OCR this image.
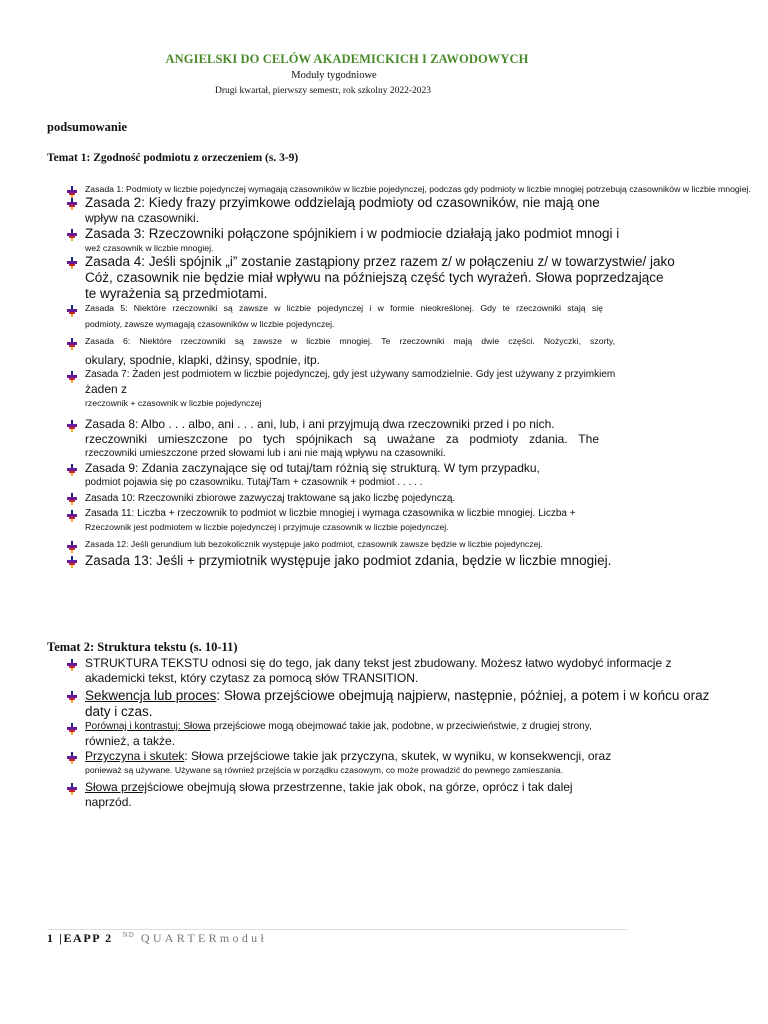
ANGIELSKI DO CELÓW AKADEMICKICH I ZAWODOWYCH
Moduły tygodniowe
Drugi kwartał, pierwszy semestr, rok szkolny 2022-2023
podsumowanie
Temat 1: Zgodność podmiotu z orzeczeniem (s. 3-9)
Zasada 1: Podmioty w liczbie pojedynczej wymagają czasowników w liczbie pojedynczej, podczas gdy podmioty w liczbie mnogiej potrzebują czasowników w liczbie mnogiej.
Zasada 2: Kiedy frazy przyimkowe oddzielają podmioty od czasowników, nie mają one
wpływ na czasowniki.
Zasada 3: Rzeczowniki połączone spójnikiem i w podmiocie działają jako podmiot mnogi i
weź czasownik w liczbie mnogiej.
Zasada 4: Jeśli spójnik „i” zostanie zastąpiony przez razem z/ w połączeniu z/ w towarzystwie/ jako
Cóż, czasownik nie będzie miał wpływu na późniejszą część tych wyrażeń. Słowa poprzedzające
te wyrażenia są przedmiotami.
Zasada 5: Niektóre rzeczowniki są zawsze w liczbie pojedynczej i w formie nieokreślonej. Gdy te rzeczowniki stają się
podmioty, zawsze wymagają czasowników w liczbie pojedynczej.
Zasada 6: Niektóre rzeczowniki są zawsze w liczbie mnogiej. Te rzeczowniki mają dwie części. Nożyczki, szorty,
okulary, spodnie, klapki, dżinsy, spodnie, itp.
Zasada 7: Żaden jest podmiotem w liczbie pojedynczej, gdy jest używany samodzielnie. Gdy jest używany z przyimkiem
żaden z
rzeczownik + czasownik w liczbie pojedynczej
Zasada 8: Albo . . . albo, ani . . . ani, lub, i ani przyjmują dwa rzeczowniki przed i po nich.
rzeczowniki umieszczone po tych spójnikach są uważane za podmioty zdania. The
rzeczowniki umieszczone przed słowami lub i ani nie mają wpływu na czasowniki.
Zasada 9: Zdania zaczynające się od tutaj/tam różnią się strukturą. W tym przypadku,
podmiot pojawia się po czasowniku. Tutaj/Tam + czasownik + podmiot . . . . .
Zasada 10: Rzeczowniki zbiorowe zazwyczaj traktowane są jako liczbę pojedynczą.
Zasada 11: Liczba + rzeczownik to podmiot w liczbie mnogiej i wymaga czasownika w liczbie mnogiej. Liczba +
Rzeczownik jest podmiotem w liczbie pojedynczej i przyjmuje czasownik w liczbie pojedynczej.
Zasada 12: Jeśli gerundium lub bezokolicznik występuje jako podmiot, czasownik zawsze będzie w liczbie pojedynczej.
Zasada 13: Jeśli + przymiotnik występuje jako podmiot zdania, będzie w liczbie mnogiej.
Temat 2: Struktura tekstu (s. 10-11)
STRUKTURA TEKSTU odnosi się do tego, jak dany tekst jest zbudowany. Możesz łatwo wydobyć informacje z
akademicki tekst, który czytasz za pomocą słów TRANSITION.
Sekwencja lub proces: Słowa przejściowe obejmują najpierw, następnie, później, a potem i w końcu oraz
daty i czas.
Porównaj i kontrastuj: Słowa przejściowe mogą obejmować takie jak, podobne, w przeciwieństwie, z drugiej strony,
również, a także.
Przyczyna i skutek: Słowa przejściowe takie jak przyczyna, skutek, w wyniku, w konsekwencji, oraz
ponieważ są używane. Używane są również przejścia w porządku czasowym, co może prowadzić do pewnego zamieszania.
Słowa przejściowe obejmują słowa przestrzenne, takie jak obok, na górze, oprócz i tak dalej
naprzód.
1 |EAPP 2 $^{ND}$ QUARTERmoduł
